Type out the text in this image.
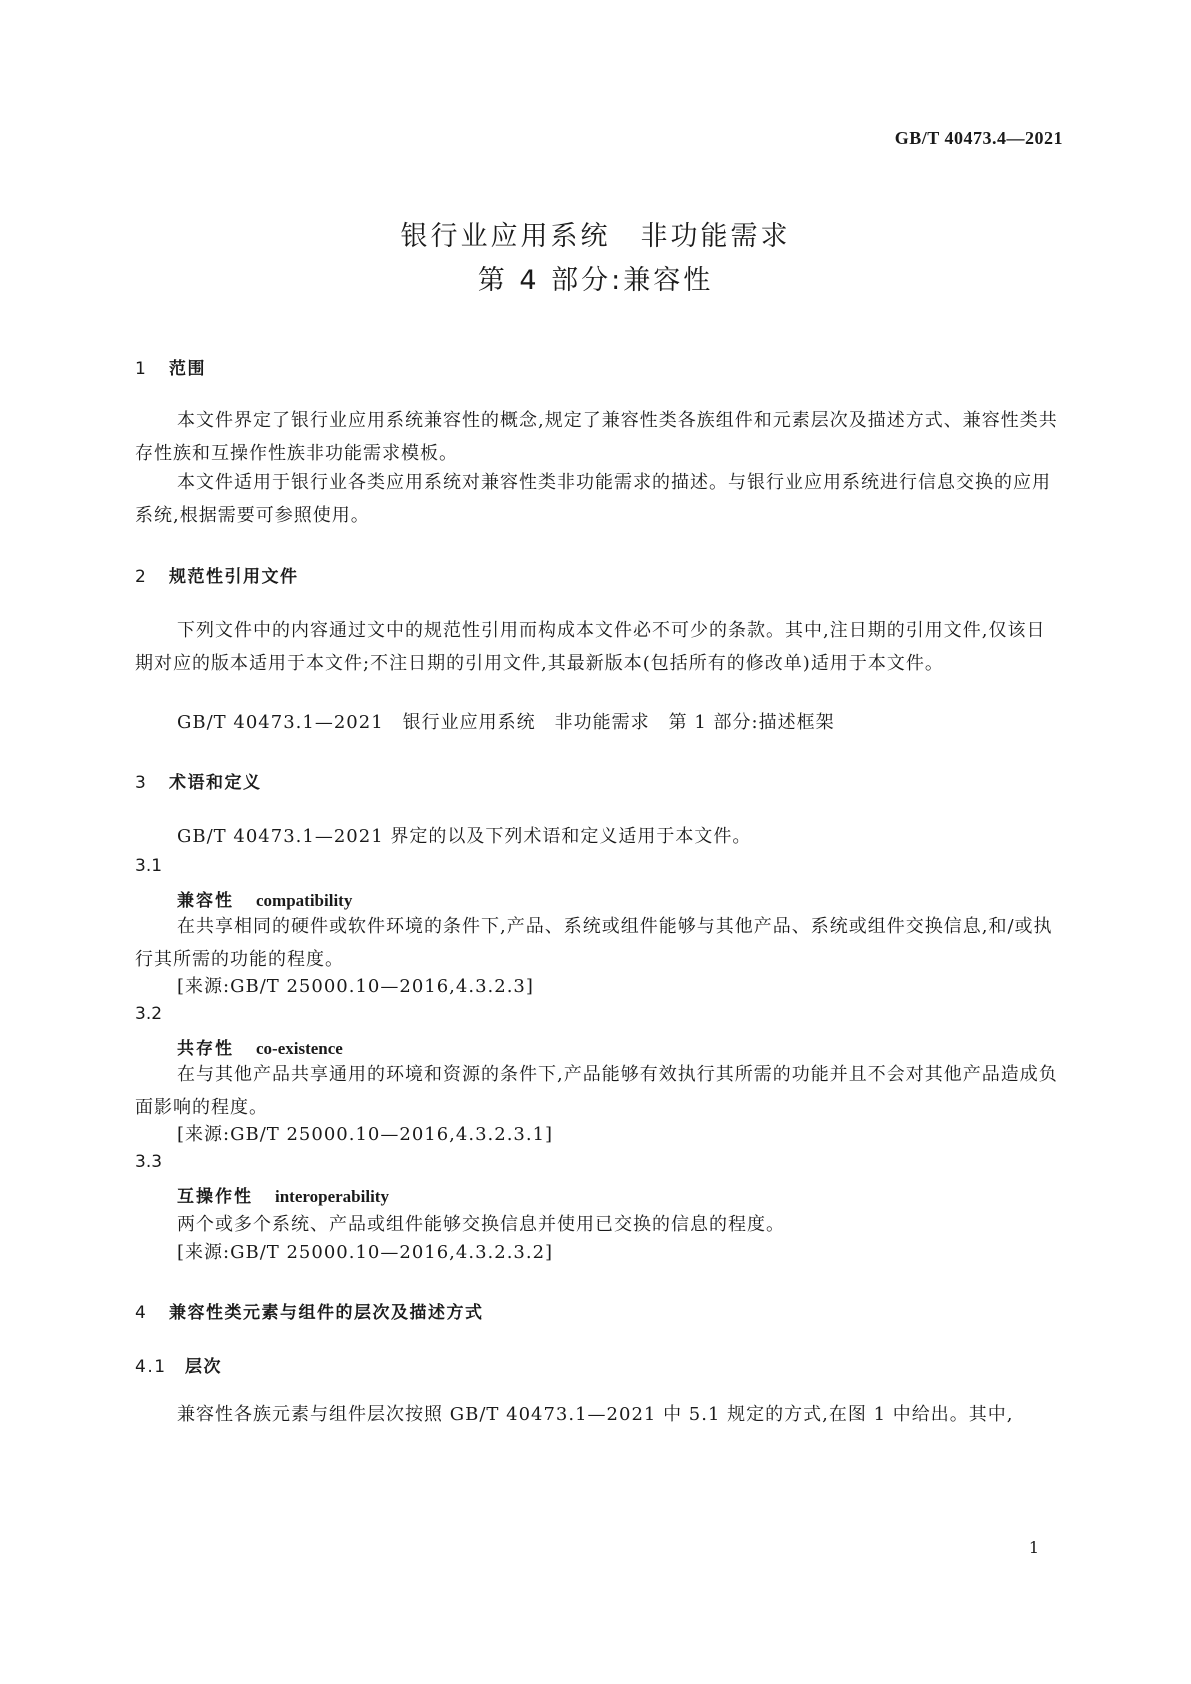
GB/T 40473.4—2021
银行业应用系统　非功能需求
第 4 部分:兼容性
1 范围
本文件界定了银行业应用系统兼容性的概念,规定了兼容性类各族组件和元素层次及描述方式、兼容性类共存性族和互操作性族非功能需求模板。
本文件适用于银行业各类应用系统对兼容性类非功能需求的描述。与银行业应用系统进行信息交换的应用系统,根据需要可参照使用。
2 规范性引用文件
下列文件中的内容通过文中的规范性引用而构成本文件必不可少的条款。其中,注日期的引用文件,仅该日期对应的版本适用于本文件;不注日期的引用文件,其最新版本(包括所有的修改单)适用于本文件。
GB/T 40473.1—2021　银行业应用系统　非功能需求　第 1 部分:描述框架
3 术语和定义
GB/T 40473.1—2021 界定的以及下列术语和定义适用于本文件。
3.1
兼容性 compatibility
在共享相同的硬件或软件环境的条件下,产品、系统或组件能够与其他产品、系统或组件交换信息,和/或执行其所需的功能的程度。
[来源:GB/T 25000.10—2016,4.3.2.3]
3.2
共存性 co-existence
在与其他产品共享通用的环境和资源的条件下,产品能够有效执行其所需的功能并且不会对其他产品造成负面影响的程度。
[来源:GB/T 25000.10—2016,4.3.2.3.1]
3.3
互操作性 interoperability
两个或多个系统、产品或组件能够交换信息并使用已交换的信息的程度。
[来源:GB/T 25000.10—2016,4.3.2.3.2]
4 兼容性类元素与组件的层次及描述方式
4.1 层次
兼容性各族元素与组件层次按照 GB/T 40473.1—2021 中 5.1 规定的方式,在图 1 中给出。其中,
1
